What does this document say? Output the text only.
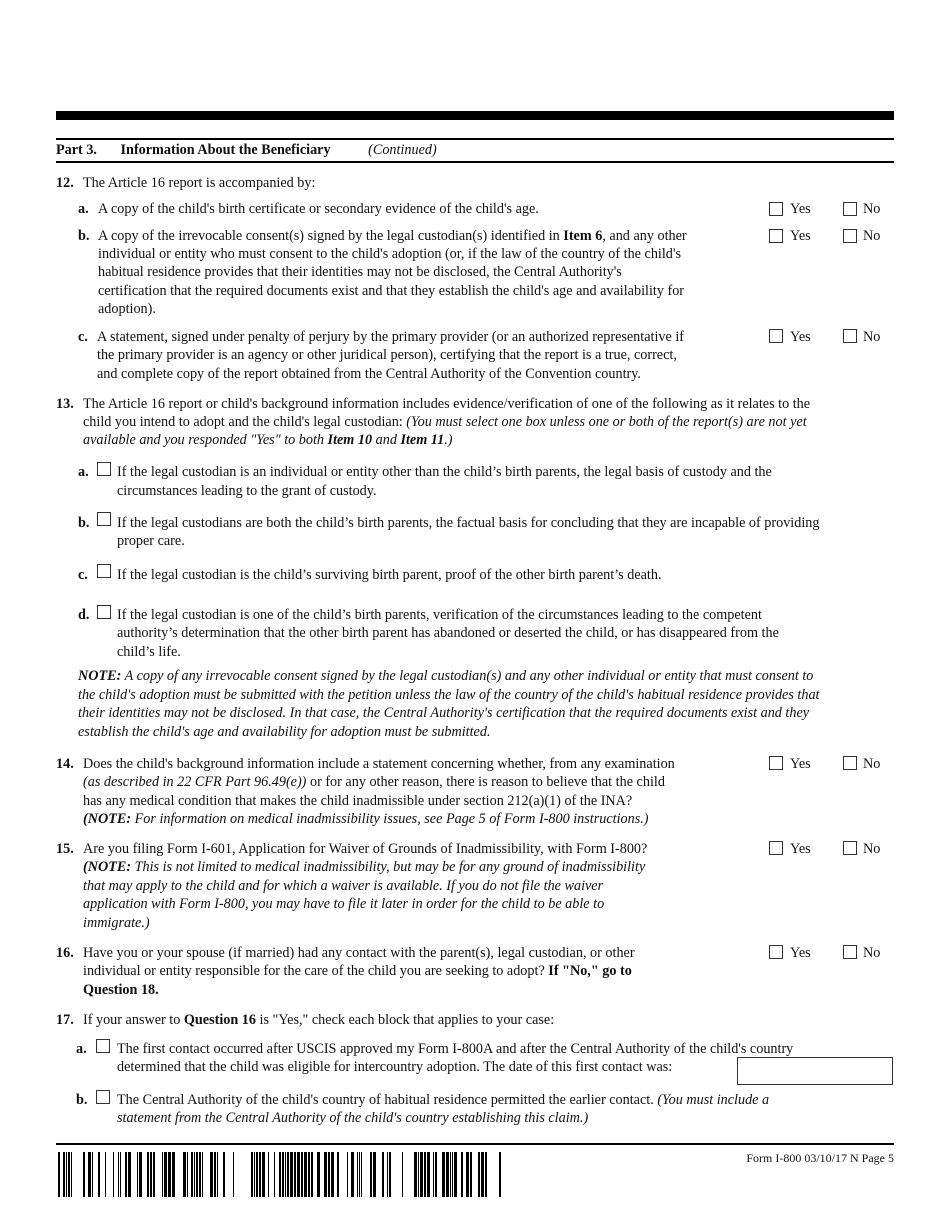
Part 3. Information About the Beneficiary	(Continued)
12. The Article 16 report is accompanied by:
a. A copy of the child's birth certificate or secondary evidence of the child's age.	Yes	No
b. A copy of the irrevocable consent(s) signed by the legal custodian(s) identified in Item 6, and any other
individual or entity who must consent to the child's adoption (or, if the law of the country of the child's
habitual residence provides that their identities may not be disclosed, the Central Authority's
certification that the required documents exist and that they establish the child's age and availability for
adoption).
Yes	No
c. A statement, signed under penalty of perjury by the primary provider (or an authorized representative if
the primary provider is an agency or other juridical person), certifying that the report is a true, correct,
and complete copy of the report obtained from the Central Authority of the Convention country.
Yes	No
13. The Article 16 report or child's background information includes evidence/verification of one of the following as it relates to the
child you intend to adopt and the child's legal custodian: (You must select one box unless one or both of the report(s) are not yet
available and you responded "Yes" to both Item 10 and Item 11.)
a. If the legal custodian is an individual or entity other than the child’s birth parents, the legal basis of custody and the
circumstances leading to the grant of custody.
b. If the legal custodians are both the child’s birth parents, the factual basis for concluding that they are incapable of providing
proper care.
c. If the legal custodian is the child’s surviving birth parent, proof of the other birth parent’s death.
d. If the legal custodian is one of the child’s birth parents, verification of the circumstances leading to the competent
authority’s determination that the other birth parent has abandoned or deserted the child, or has disappeared from the
child’s life.
NOTE: A copy of any irrevocable consent signed by the legal custodian(s) and any other individual or entity that must consent to
the child's adoption must be submitted with the petition unless the law of the country of the child's habitual residence provides that
their identities may not be disclosed. In that case, the Central Authority's certification that the required documents exist and they
establish the child's age and availability for adoption must be submitted.
14. Does the child's background information include a statement concerning whether, from any examination
(as described in 22 CFR Part 96.49(e)) or for any other reason, there is reason to believe that the child
has any medical condition that makes the child inadmissible under section 212(a)(1) of the INA?
(NOTE: For information on medical inadmissibility issues, see Page 5 of Form I-800 instructions.)
Yes	No
15. Are you filing Form I-601, Application for Waiver of Grounds of Inadmissibility, with Form I-800?
(NOTE: This is not limited to medical inadmissibility, but may be for any ground of inadmissibility
that may apply to the child and for which a waiver is available. If you do not file the waiver
application with Form I-800, you may have to file it later in order for the child to be able to
immigrate.)
Yes	No
16. Have you or your spouse (if married) had any contact with the parent(s), legal custodian, or other
individual or entity responsible for the care of the child you are seeking to adopt? If "No," go to
Question 18.
Yes	No
17. If your answer to Question 16 is "Yes," check each block that applies to your case:
a. The first contact occurred after USCIS approved my Form I-800A and after the Central Authority of the child's country
determined that the child was eligible for intercountry adoption. The date of this first contact was:
b. The Central Authority of the child's country of habitual residence permitted the earlier contact. (You must include a
statement from the Central Authority of the child's country establishing this claim.)
Form I-800 03/10/17 N Page 5
